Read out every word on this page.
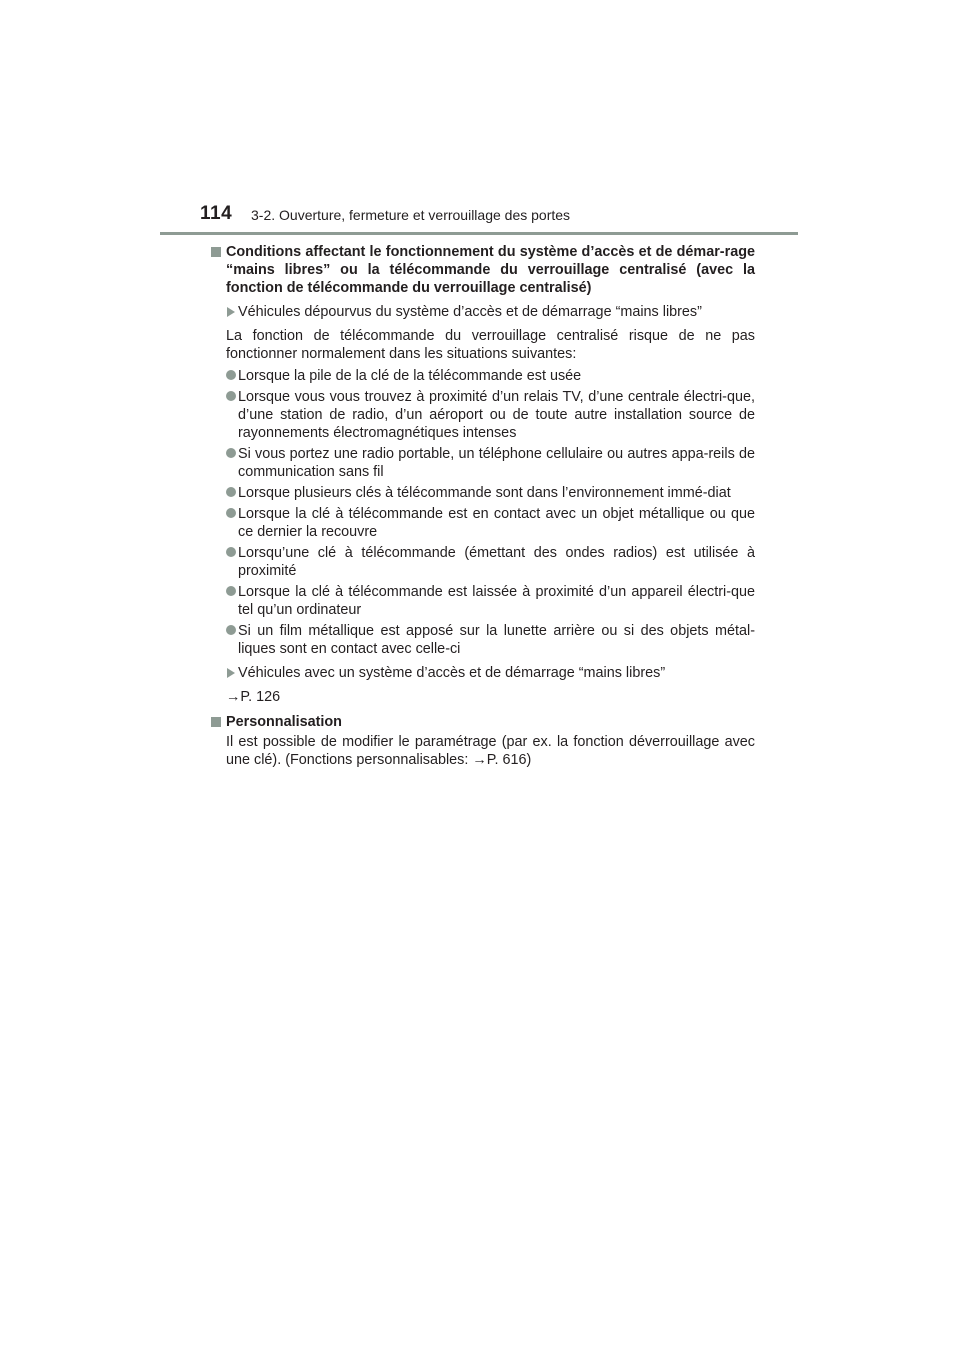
114 3-2. Ouverture, fermeture et verrouillage des portes
Conditions affectant le fonctionnement du système d’accès et de démar-rage “mains libres” ou la télécommande du verrouillage centralisé (avec la fonction de télécommande du verrouillage centralisé)
Véhicules dépourvus du système d’accès et de démarrage “mains libres”
La fonction de télécommande du verrouillage centralisé risque de ne pas fonctionner normalement dans les situations suivantes:
Lorsque la pile de la clé de la télécommande est usée
Lorsque vous vous trouvez à proximité d’un relais TV, d’une centrale électri-que, d’une station de radio, d’un aéroport ou de toute autre installation source de rayonnements électromagnétiques intenses
Si vous portez une radio portable, un téléphone cellulaire ou autres appa-reils de communication sans fil
Lorsque plusieurs clés à télécommande sont dans l’environnement immé-diat
Lorsque la clé à télécommande est en contact avec un objet métallique ou que ce dernier la recouvre
Lorsqu’une clé à télécommande (émettant des ondes radios) est utilisée à proximité
Lorsque la clé à télécommande est laissée à proximité d’un appareil électri-que tel qu’un ordinateur
Si un film métallique est apposé sur la lunette arrière ou si des objets métal-liques sont en contact avec celle-ci
Véhicules avec un système d’accès et de démarrage “mains libres”
→P. 126
Personnalisation
Il est possible de modifier le paramétrage (par ex. la fonction déverrouillage avec une clé). (Fonctions personnalisables: →P. 616)
